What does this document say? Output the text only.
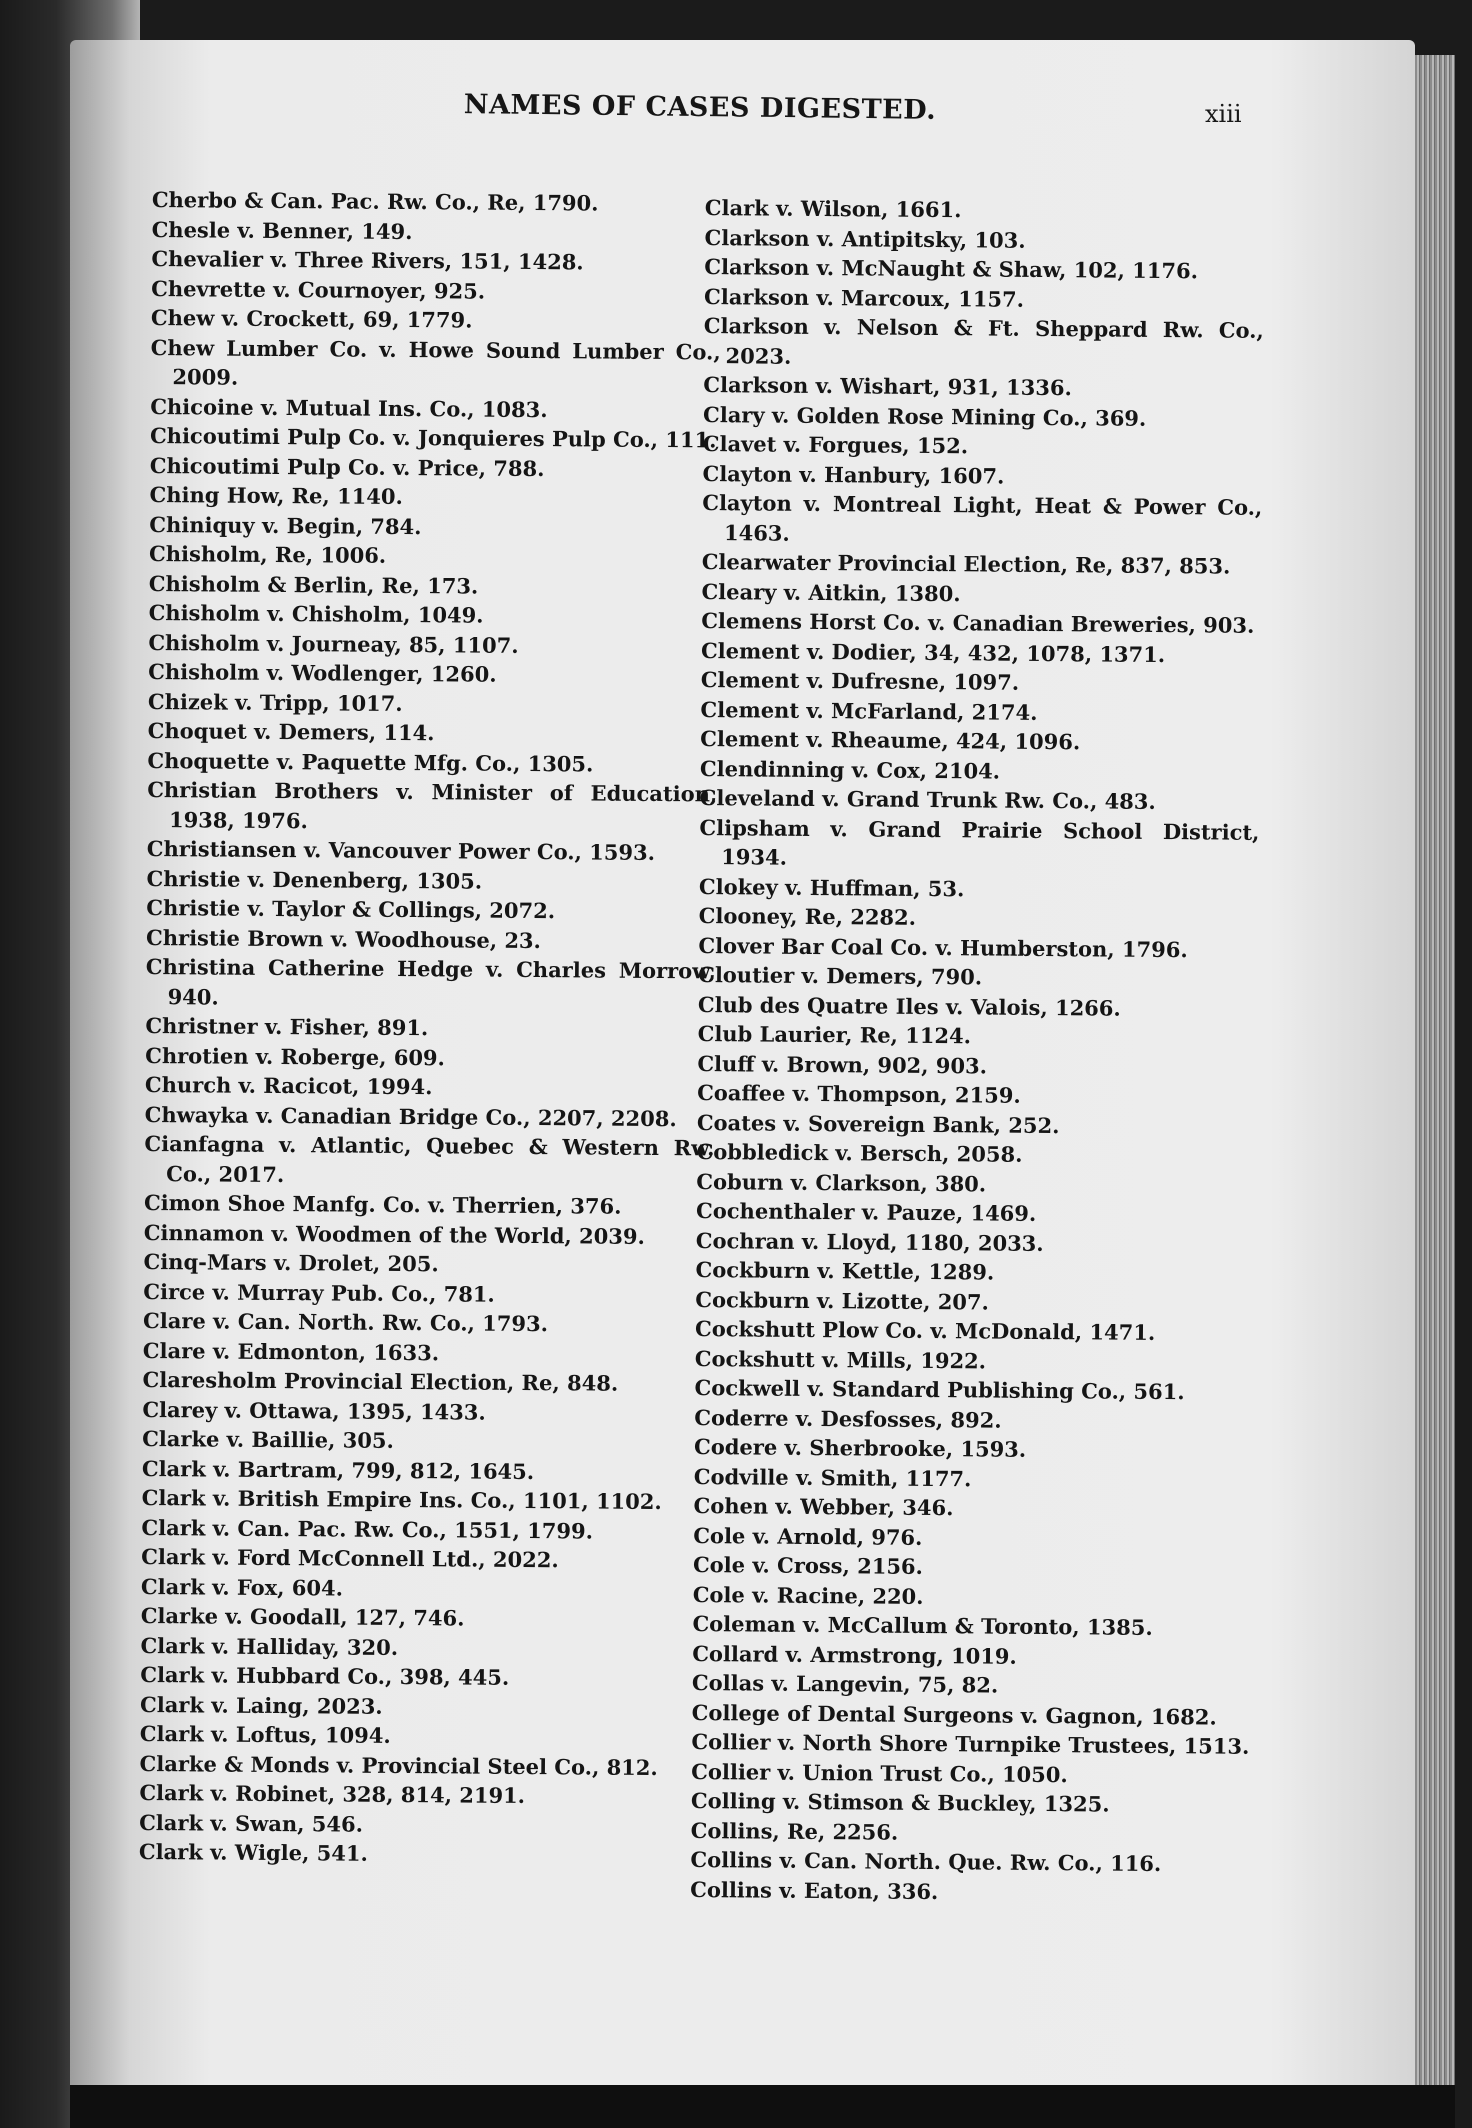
NAMES OF CASES DIGESTED.	xiii
Cherbo & Can. Pac. Rw. Co., Re, 1790.
Chesle v. Benner, 149.
Chevalier v. Three Rivers, 151, 1428.
Chevrette v. Cournoyer, 925.
Chew v. Crockett, 69, 1779.
Chew Lumber Co. v. Howe Sound Lumber Co., 2009.
Chicoine v. Mutual Ins. Co., 1083.
Chicoutimi Pulp Co. v. Jonquieres Pulp Co., 111.
Chicoutimi Pulp Co. v. Price, 788.
Ching How, Re, 1140.
Chiniquy v. Begin, 784.
Chisholm, Re, 1006.
Chisholm & Berlin, Re, 173.
Chisholm v. Chisholm, 1049.
Chisholm v. Journeay, 85, 1107.
Chisholm v. Wodlenger, 1260.
Chizek v. Tripp, 1017.
Choquet v. Demers, 114.
Choquette v. Paquette Mfg. Co., 1305.
Christian Brothers v. Minister of Education, 1938, 1976.
Christiansen v. Vancouver Power Co., 1593.
Christie v. Denenberg, 1305.
Christie v. Taylor & Collings, 2072.
Christie Brown v. Woodhouse, 23.
Christina Catherine Hedge v. Charles Morrow, 940.
Christner v. Fisher, 891.
Chrotien v. Roberge, 609.
Church v. Racicot, 1994.
Chwayka v. Canadian Bridge Co., 2207, 2208.
Cianfagna v. Atlantic, Quebec & Western Rw. Co., 2017.
Cimon Shoe Manfg. Co. v. Therrien, 376.
Cinnamon v. Woodmen of the World, 2039.
Cinq-Mars v. Drolet, 205.
Circe v. Murray Pub. Co., 781.
Clare v. Can. North. Rw. Co., 1793.
Clare v. Edmonton, 1633.
Claresholm Provincial Election, Re, 848.
Clarey v. Ottawa, 1395, 1433.
Clarke v. Baillie, 305.
Clark v. Bartram, 799, 812, 1645.
Clark v. British Empire Ins. Co., 1101, 1102.
Clark v. Can. Pac. Rw. Co., 1551, 1799.
Clark v. Ford McConnell Ltd., 2022.
Clark v. Fox, 604.
Clarke v. Goodall, 127, 746.
Clark v. Halliday, 320.
Clark v. Hubbard Co., 398, 445.
Clark v. Laing, 2023.
Clark v. Loftus, 1094.
Clarke & Monds v. Provincial Steel Co., 812.
Clark v. Robinet, 328, 814, 2191.
Clark v. Swan, 546.
Clark v. Wigle, 541.
Clark v. Wilson, 1661.
Clarkson v. Antipitsky, 103.
Clarkson v. McNaught & Shaw, 102, 1176.
Clarkson v. Marcoux, 1157.
Clarkson v. Nelson & Ft. Sheppard Rw. Co., 2023.
Clarkson v. Wishart, 931, 1336.
Clary v. Golden Rose Mining Co., 369.
Clavet v. Forgues, 152.
Clayton v. Hanbury, 1607.
Clayton v. Montreal Light, Heat & Power Co., 1463.
Clearwater Provincial Election, Re, 837, 853.
Cleary v. Aitkin, 1380.
Clemens Horst Co. v. Canadian Breweries, 903.
Clement v. Dodier, 34, 432, 1078, 1371.
Clement v. Dufresne, 1097.
Clement v. McFarland, 2174.
Clement v. Rheaume, 424, 1096.
Clendinning v. Cox, 2104.
Cleveland v. Grand Trunk Rw. Co., 483.
Clipsham v. Grand Prairie School District, 1934.
Clokey v. Huffman, 53.
Clooney, Re, 2282.
Clover Bar Coal Co. v. Humberston, 1796.
Cloutier v. Demers, 790.
Club des Quatre Iles v. Valois, 1266.
Club Laurier, Re, 1124.
Cluff v. Brown, 902, 903.
Coaffee v. Thompson, 2159.
Coates v. Sovereign Bank, 252.
Cobbledick v. Bersch, 2058.
Coburn v. Clarkson, 380.
Cochenthaler v. Pauze, 1469.
Cochran v. Lloyd, 1180, 2033.
Cockburn v. Kettle, 1289.
Cockburn v. Lizotte, 207.
Cockshutt Plow Co. v. McDonald, 1471.
Cockshutt v. Mills, 1922.
Cockwell v. Standard Publishing Co., 561.
Coderre v. Desfosses, 892.
Codere v. Sherbrooke, 1593.
Codville v. Smith, 1177.
Cohen v. Webber, 346.
Cole v. Arnold, 976.
Cole v. Cross, 2156.
Cole v. Racine, 220.
Coleman v. McCallum & Toronto, 1385.
Collard v. Armstrong, 1019.
Collas v. Langevin, 75, 82.
College of Dental Surgeons v. Gagnon, 1682.
Collier v. North Shore Turnpike Trustees, 1513.
Collier v. Union Trust Co., 1050.
Colling v. Stimson & Buckley, 1325.
Collins, Re, 2256.
Collins v. Can. North. Que. Rw. Co., 116.
Collins v. Eaton, 336.
